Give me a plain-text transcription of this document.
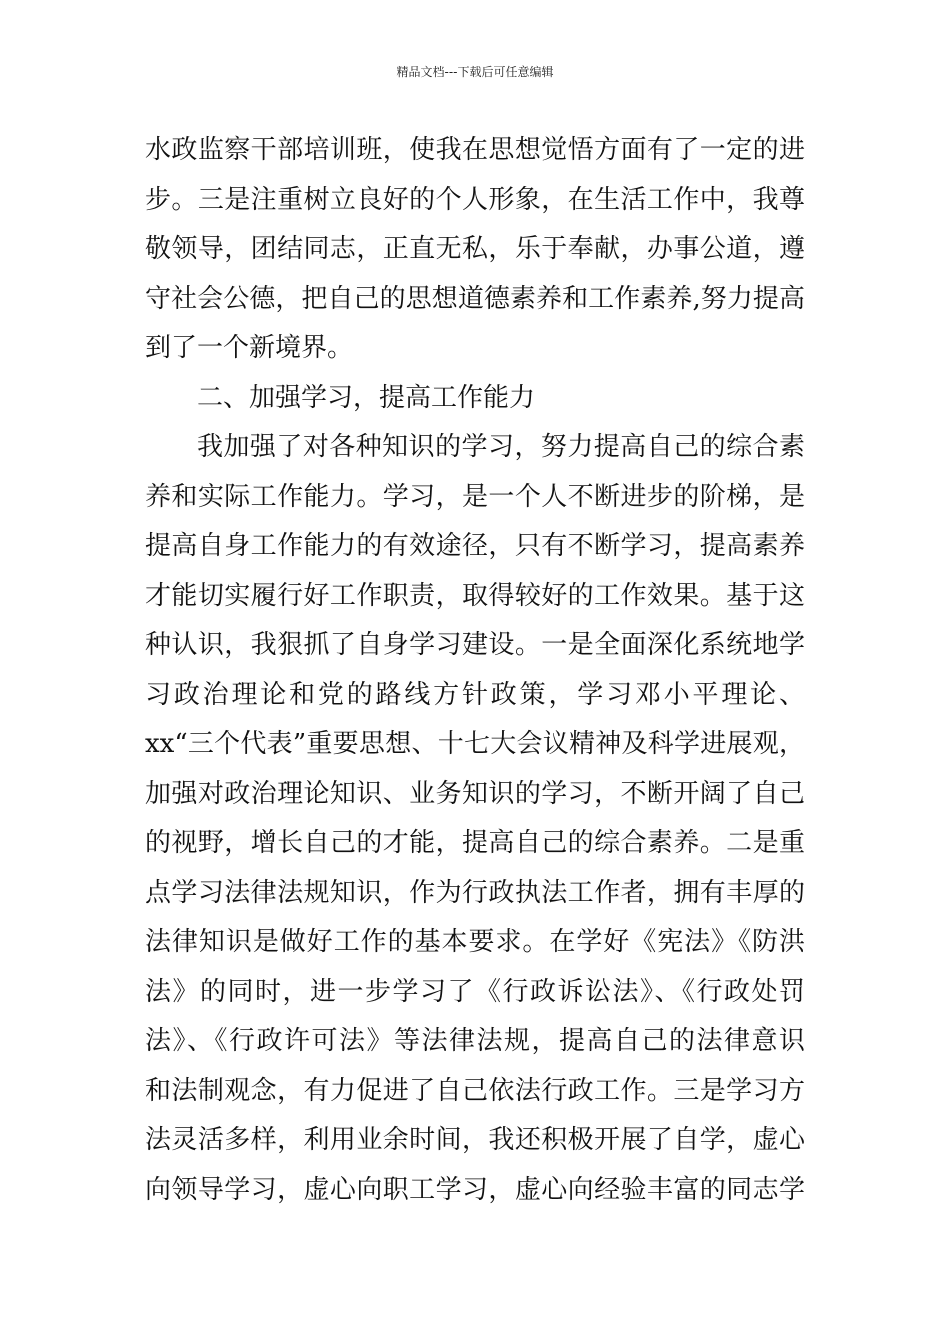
精品文档---下载后可任意编辑
水政监察干部培训班，使我在思想觉悟方面有了一定的进
步。三是注重树立良好的个人形象，在生活工作中，我尊
敬领导，团结同志，正直无私，乐于奉献，办事公道，遵
守社会公德，把自己的思想道德素养和工作素养,努力提高
到了一个新境界。
二、加强学习，提高工作能力
我加强了对各种知识的学习，努力提高自己的综合素
养和实际工作能力。学习，是一个人不断进步的阶梯，是
提高自身工作能力的有效途径，只有不断学习，提高素养
才能切实履行好工作职责，取得较好的工作效果。基于这
种认识，我狠抓了自身学习建设。一是全面深化系统地学
习政治理论和党的路线方针政策，学习邓小平理论、
xx“三个代表”重要思想、十七大会议精神及科学进展观，
加强对政治理论知识、业务知识的学习，不断开阔了自己
的视野，增长自己的才能，提高自己的综合素养。二是重
点学习法律法规知识，作为行政执法工作者，拥有丰厚的
法律知识是做好工作的基本要求。在学好《宪法》《防洪
法》的同时，进一步学习了《行政诉讼法》、《行政处罚
法》、《行政许可法》等法律法规，提高自己的法律意识
和法制观念，有力促进了自己依法行政工作。三是学习方
法灵活多样，利用业余时间，我还积极开展了自学，虚心
向领导学习，虚心向职工学习，虚心向经验丰富的同志学
